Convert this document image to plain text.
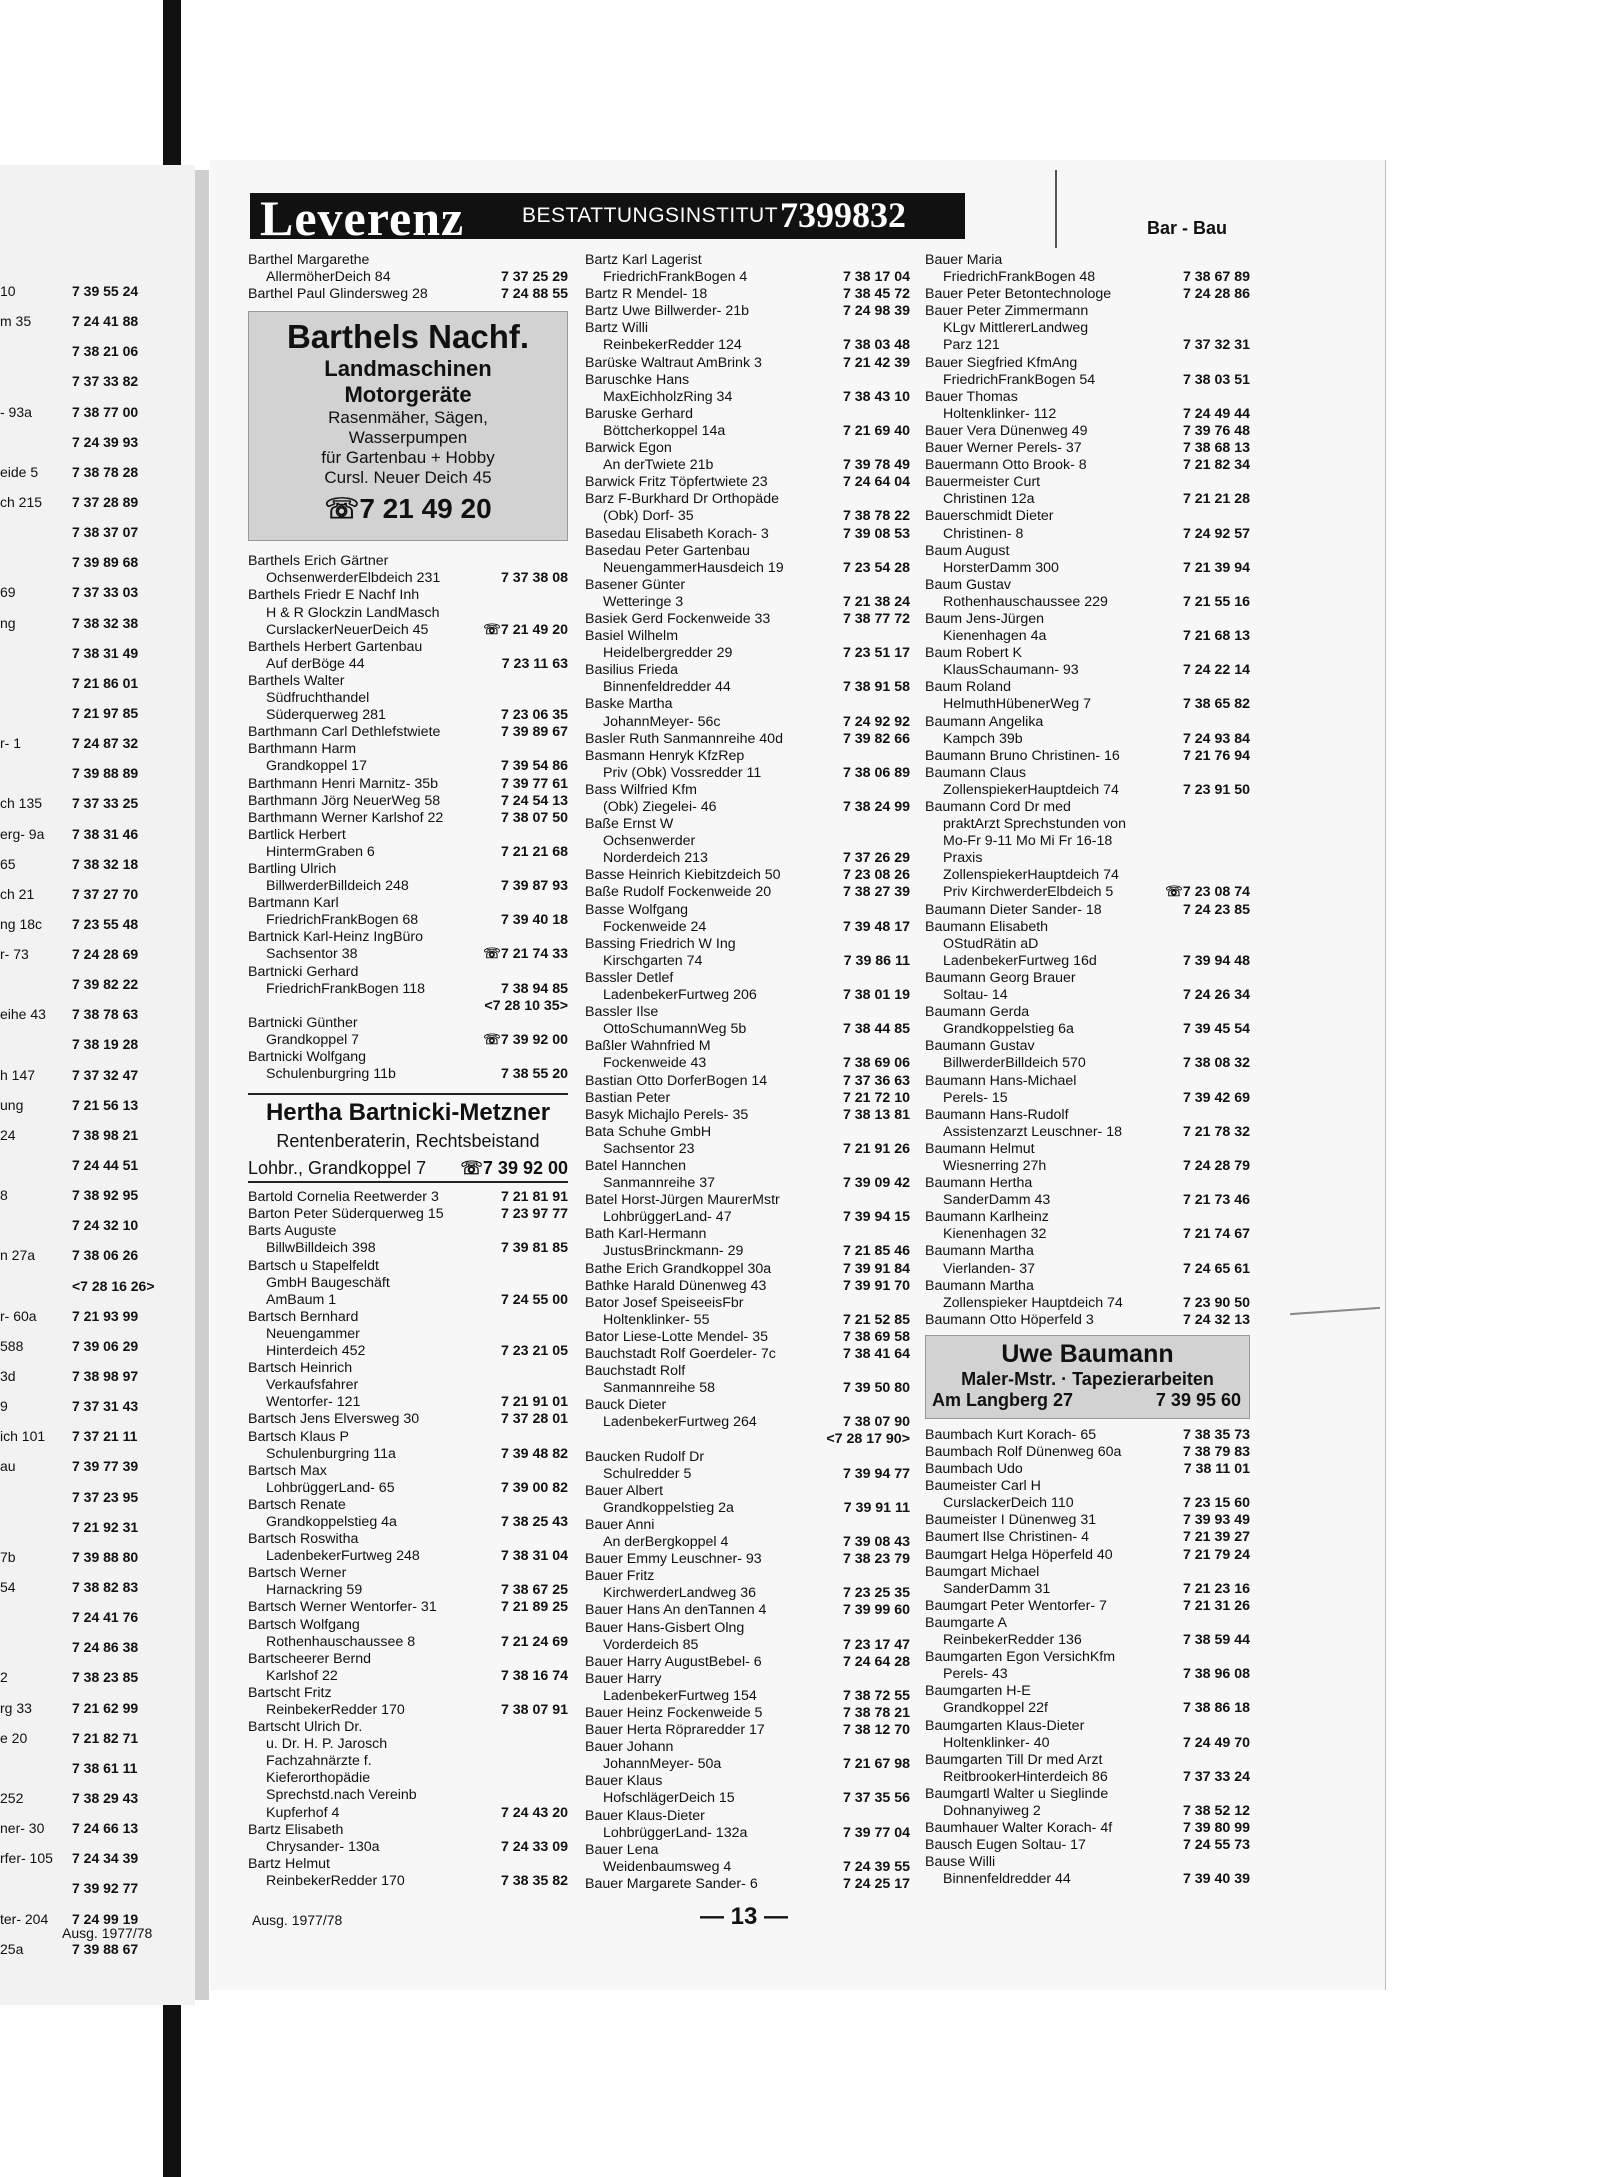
10	7 39 55 24
m 35	7 24 41 88
7 38 21 06
7 37 33 82
- 93a	7 38 77 00
7 24 39 93
eide 5 7 38 78 28
ch 215 7 37 28 89
7 38 37 07
7 39 89 68
69	7 37 33 03
ng	7 38 32 38
7 38 31 49
7 21 86 01
7 21 97 85
r- 1	7 24 87 32
7 39 88 89
ch 135 7 37 33 25
erg- 9a 7 38 31 46
65	7 38 32 18
ch 21	7 37 27 70
ng 18c 7 23 55 48
r- 73	7 24 28 69
7 39 82 22
eihe 43 7 38 78 63
7 38 19 28
h 147	7 37 32 47
ung	7 21 56 13
24	7 38 98 21
7 24 44 51
8	7 38 92 95
7 24 32 10
n 27a	7 38 06 26
<7 28 16 26>
r- 60a	7 21 93 99
588	7 39 06 29
3d	7 38 98 97
9	7 37 31 43
ich 101 7 37 21 11
au	7 39 77 39
7 37 23 95
7 21 92 31
7b	7 39 88 80
54	7 38 82 83
7 24 41 76
7 24 86 38
2	7 38 23 85
rg 33	7 21 62 99
e 20	7 21 82 71
7 38 61 11
252	7 38 29 43
ner- 30 7 24 66 13
rfer- 105 7 24 34 39
7 39 92 77
ter- 204 7 24 99 19
25a	7 39 88 67
Ausg. 1977/78
Leverenz	BESTATTUNGSINSTITUT 7399832	Bar - Bau
Barthel Margarethe
AllermöherDeich 84	7 37 25 29
Barthel Paul Glindersweg 28	7 24 88 55
Barthels Nachf.
Landmaschinen
Motorgeräte
Rasenmäher, Sägen,
Wasserpumpen
für Gartenbau + Hobby
Cursl. Neuer Deich 45
☏7 21 49 20
Barthels Erich Gärtner
OchsenwerderElbdeich 231	7 37 38 08
Barthels Friedr E Nachf Inh
H & R Glockzin LandMasch
CurslackerNeuerDeich 45	☏7 21 49 20
Barthels Herbert Gartenbau
Auf derBöge 44	7 23 11 63
Barthels Walter
Südfruchthandel
Süderquerweg 281	7 23 06 35
Barthmann Carl Dethlefstwiete	7 39 89 67
Barthmann Harm
Grandkoppel 17	7 39 54 86
Barthmann Henri Marnitz- 35b	7 39 77 61
Barthmann Jörg NeuerWeg 58	7 24 54 13
Barthmann Werner Karlshof 22	7 38 07 50
Bartlick Herbert
HintermGraben 6	7 21 21 68
Bartling Ulrich
BillwerderBilldeich 248	7 39 87 93
Bartmann Karl
FriedrichFrankBogen 68	7 39 40 18
Bartnick Karl-Heinz IngBüro
Sachsentor 38	☏7 21 74 33
Bartnicki Gerhard
FriedrichFrankBogen 118	7 38 94 85
<7 28 10 35>
Bartnicki Günther
Grandkoppel 7	☏7 39 92 00
Bartnicki Wolfgang
Schulenburgring 11b	7 38 55 20
Hertha Bartnicki-Metzner
Rentenberaterin, Rechtsbeistand
Lohbr., Grandkoppel 7 ☏7 39 92 00
Bartold Cornelia Reetwerder 3	7 21 81 91
Barton Peter Süderquerweg 15	7 23 97 77
Barts Auguste
BillwBilldeich 398	7 39 81 85
Bartsch u Stapelfeldt
GmbH Baugeschäft
AmBaum 1	7 24 55 00
Bartsch Bernhard
Neuengammer
Hinterdeich 452	7 23 21 05
Bartsch Heinrich
Verkaufsfahrer
Wentorfer- 121	7 21 91 01
Bartsch Jens Elversweg 30	7 37 28 01
Bartsch Klaus P
Schulenburgring 11a	7 39 48 82
Bartsch Max
LohbrüggerLand- 65	7 39 00 82
Bartsch Renate
Grandkoppelstieg 4a	7 38 25 43
Bartsch Roswitha
LadenbekerFurtweg 248	7 38 31 04
Bartsch Werner
Harnackring 59	7 38 67 25
Bartsch Werner Wentorfer- 31	7 21 89 25
Bartsch Wolfgang
Rothenhauschaussee 8	7 21 24 69
Bartscheerer Bernd
Karlshof 22	7 38 16 74
Bartscht Fritz
ReinbekerRedder 170	7 38 07 91
Bartscht Ulrich Dr.
u. Dr. H. P. Jarosch
Fachzahnärzte f.
Kieferorthopädie
Sprechstd.nach Vereinb
Kupferhof 4	7 24 43 20
Bartz Elisabeth
Chrysander- 130a	7 24 33 09
Bartz Helmut
ReinbekerRedder 170	7 38 35 82
Bartz Karl Lagerist
FriedrichFrankBogen 4	7 38 17 04
Bartz R Mendel- 18	7 38 45 72
Bartz Uwe Billwerder- 21b	7 24 98 39
Bartz Willi
ReinbekerRedder 124	7 38 03 48
Barüske Waltraut AmBrink 3	7 21 42 39
Baruschke Hans
MaxEichholzRing 34	7 38 43 10
Baruske Gerhard
Böttcherkoppel 14a	7 21 69 40
Barwick Egon
An derTwiete 21b	7 39 78 49
Barwick Fritz Töpfertwiete 23	7 24 64 04
Barz F-Burkhard Dr Orthopäde
(Obk) Dorf- 35	7 38 78 22
Basedau Elisabeth Korach- 3	7 39 08 53
Basedau Peter Gartenbau
NeuengammerHausdeich 19	7 23 54 28
Basener Günter
Wetteringe 3	7 21 38 24
Basiek Gerd Fockenweide 33	7 38 77 72
Basiel Wilhelm
Heidelbergredder 29	7 23 51 17
Basilius Frieda
Binnenfeldredder 44	7 38 91 58
Baske Martha
JohannMeyer- 56c	7 24 92 92
Basler Ruth Sanmannreihe 40d	7 39 82 66
Basmann Henryk KfzRep
Priv (Obk) Vossredder 11	7 38 06 89
Bass Wilfried Kfm
(Obk) Ziegelei- 46	7 38 24 99
Baße Ernst W
Ochsenwerder
Norderdeich 213	7 37 26 29
Basse Heinrich Kiebitzdeich 50	7 23 08 26
Baße Rudolf Fockenweide 20	7 38 27 39
Basse Wolfgang
Fockenweide 24	7 39 48 17
Bassing Friedrich W Ing
Kirschgarten 74	7 39 86 11
Bassler Detlef
LadenbekerFurtweg 206	7 38 01 19
Bassler Ilse
OttoSchumannWeg 5b	7 38 44 85
Baßler Wahnfried M
Fockenweide 43	7 38 69 06
Bastian Otto DorferBogen 14	7 37 36 63
Bastian Peter	7 21 72 10
Basyk Michajlo Perels- 35	7 38 13 81
Bata Schuhe GmbH
Sachsentor 23	7 21 91 26
Batel Hannchen
Sanmannreihe 37	7 39 09 42
Batel Horst-Jürgen MaurerMstr
LohbrüggerLand- 47	7 39 94 15
Bath Karl-Hermann
JustusBrinckmann- 29	7 21 85 46
Bathe Erich Grandkoppel 30a	7 39 91 84
Bathke Harald Dünenweg 43	7 39 91 70
Bator Josef SpeiseeisFbr
Holtenklinker- 55	7 21 52 85
Bator Liese-Lotte Mendel- 35	7 38 69 58
Bauchstadt Rolf Goerdeler- 7c	7 38 41 64
Bauchstadt Rolf
Sanmannreihe 58	7 39 50 80
Bauck Dieter
LadenbekerFurtweg 264	7 38 07 90
<7 28 17 90>
Baucken Rudolf Dr
Schulredder 5	7 39 94 77
Bauer Albert
Grandkoppelstieg 2a	7 39 91 11
Bauer Anni
An derBergkoppel 4	7 39 08 43
Bauer Emmy Leuschner- 93	7 38 23 79
Bauer Fritz
KirchwerderLandweg 36	7 23 25 35
Bauer Hans An denTannen 4	7 39 99 60
Bauer Hans-Gisbert Olng
Vorderdeich 85	7 23 17 47
Bauer Harry AugustBebel- 6	7 24 64 28
Bauer Harry
LadenbekerFurtweg 154	7 38 72 55
Bauer Heinz Fockenweide 5	7 38 78 21
Bauer Herta Röpraredder 17	7 38 12 70
Bauer Johann
JohannMeyer- 50a	7 21 67 98
Bauer Klaus
HofschlägerDeich 15	7 37 35 56
Bauer Klaus-Dieter
LohbrüggerLand- 132a	7 39 77 04
Bauer Lena
Weidenbaumsweg 4	7 24 39 55
Bauer Margarete Sander- 6	7 24 25 17
Bauer Maria
FriedrichFrankBogen 48	7 38 67 89
Bauer Peter Betontechnologe	7 24 28 86
Bauer Peter Zimmermann
KLgv MittlererLandweg
Parz 121	7 37 32 31
Bauer Siegfried KfmAng
FriedrichFrankBogen 54	7 38 03 51
Bauer Thomas
Holtenklinker- 112	7 24 49 44
Bauer Vera Dünenweg 49	7 39 76 48
Bauer Werner Perels- 37	7 38 68 13
Bauermann Otto Brook- 8	7 21 82 34
Bauermeister Curt
Christinen 12a	7 21 21 28
Bauerschmidt Dieter
Christinen- 8	7 24 92 57
Baum August
HorsterDamm 300	7 21 39 94
Baum Gustav
Rothenhauschaussee 229	7 21 55 16
Baum Jens-Jürgen
Kienenhagen 4a	7 21 68 13
Baum Robert K
KlausSchaumann- 93	7 24 22 14
Baum Roland
HelmuthHübenerWeg 7	7 38 65 82
Baumann Angelika
Kampch 39b	7 24 93 84
Baumann Bruno Christinen- 16	7 21 76 94
Baumann Claus
ZollenspiekerHauptdeich 74	7 23 91 50
Baumann Cord Dr med
praktArzt Sprechstunden von
Mo-Fr 9-11 Mo Mi Fr 16-18
Praxis
ZollenspiekerHauptdeich 74
Priv KirchwerderElbdeich 5	☏7 23 08 74
Baumann Dieter Sander- 18	7 24 23 85
Baumann Elisabeth
OStudRätin aD
LadenbekerFurtweg 16d	7 39 94 48
Baumann Georg Brauer
Soltau- 14	7 24 26 34
Baumann Gerda
Grandkoppelstieg 6a	7 39 45 54
Baumann Gustav
BillwerderBilldeich 570	7 38 08 32
Baumann Hans-Michael
Perels- 15	7 39 42 69
Baumann Hans-Rudolf
Assistenzarzt Leuschner- 18	7 21 78 32
Baumann Helmut
Wiesnerring 27h	7 24 28 79
Baumann Hertha
SanderDamm 43	7 21 73 46
Baumann Karlheinz
Kienenhagen 32	7 21 74 67
Baumann Martha
Vierlanden- 37	7 24 65 61
Baumann Martha
Zollenspieker Hauptdeich 74	7 23 90 50
Baumann Otto Höperfeld 3	7 24 32 13
Uwe Baumann
Maler-Mstr. · Tapezierarbeiten
Am Langberg 27	7 39 95 60
Baumbach Kurt Korach- 65	7 38 35 73
Baumbach Rolf Dünenweg 60a	7 38 79 83
Baumbach Udo	7 38 11 01
Baumeister Carl H
CurslackerDeich 110	7 23 15 60
Baumeister I Dünenweg 31	7 39 93 49
Baumert Ilse Christinen- 4	7 21 39 27
Baumgart Helga Höperfeld 40	7 21 79 24
Baumgart Michael
SanderDamm 31	7 21 23 16
Baumgart Peter Wentorfer- 7	7 21 31 26
Baumgarte A
ReinbekerRedder 136	7 38 59 44
Baumgarten Egon VersichKfm
Perels- 43	7 38 96 08
Baumgarten H-E
Grandkoppel 22f	7 38 86 18
Baumgarten Klaus-Dieter
Holtenklinker- 40	7 24 49 70
Baumgarten Till Dr med Arzt
ReitbrookerHinterdeich 86	7 37 33 24
Baumgartl Walter u Sieglinde
Dohnanyiweg 2	7 38 52 12
Baumhauer Walter Korach- 4f	7 39 80 99
Bausch Eugen Soltau- 17	7 24 55 73
Bause Willi
Binnenfeldredder 44	7 39 40 39
Ausg. 1977/78	— 13 —
